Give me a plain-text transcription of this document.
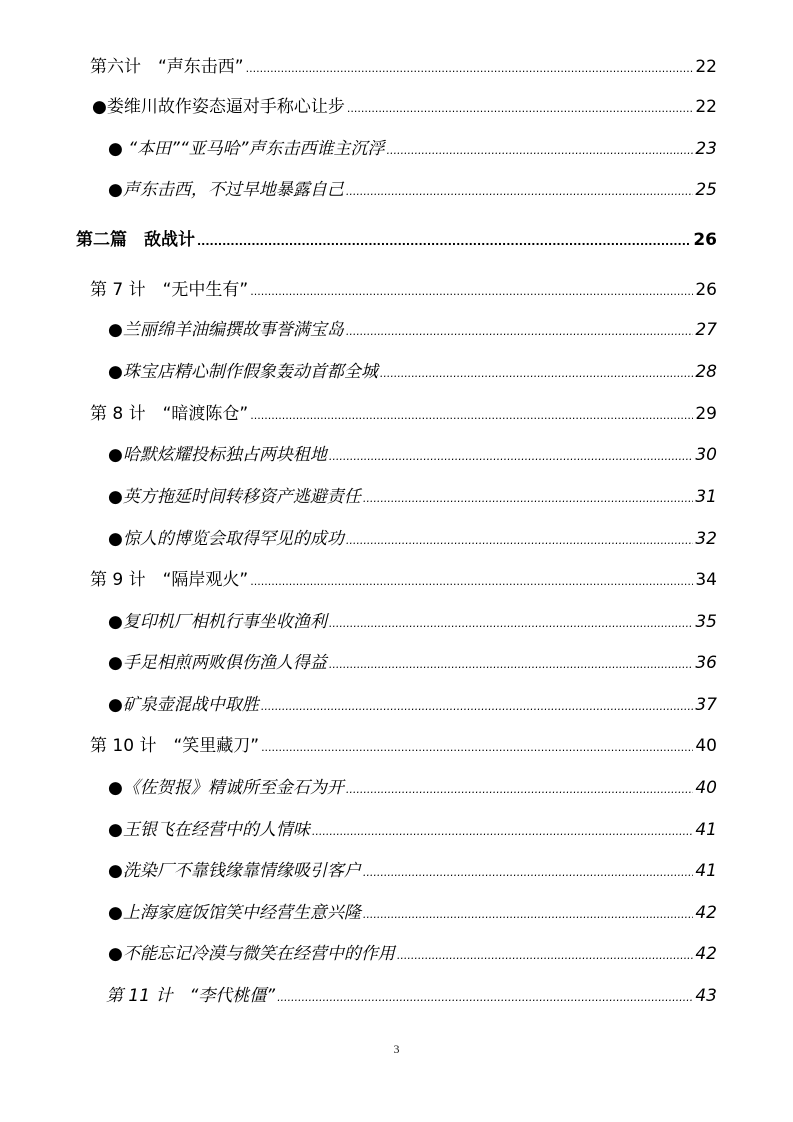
第六计　“声东击西” .....	22
●娄维川故作姿态逼对手称心让步 .....	22
● “本田”“亚马哈”声东击西谁主沉浮 .....	23
●声东击西，不过早地暴露自己 .....	25
第二篇　敌战计 .....	26
第 7 计　“无中生有” .....	26
●兰丽绵羊油编撰故事誉满宝岛 .....	27
●珠宝店精心制作假象轰动首都全城 .....	28
第 8 计　“暗渡陈仓” .....	29
●哈默炫耀投标独占两块租地 .....	30
●英方拖延时间转移资产逃避责任 .....	31
●惊人的博览会取得罕见的成功 .....	32
第 9 计　“隔岸观火” .....	34
●复印机厂相机行事坐收渔利 .....	35
●手足相煎两败俱伤渔人得益 .....	36
●矿泉壶混战中取胜 .....	37
第 10 计　“笑里藏刀” .....	40
●《佐贺报》精诚所至金石为开 .....	40
●王银飞在经营中的人情味 .....	41
●洗染厂不靠钱缘靠情缘吸引客户 .....	41
●上海家庭饭馆笑中经营生意兴隆 .....	42
●不能忘记冷漠与微笑在经营中的作用 .....	42
第 11 计　“李代桃僵” .....	43
3
